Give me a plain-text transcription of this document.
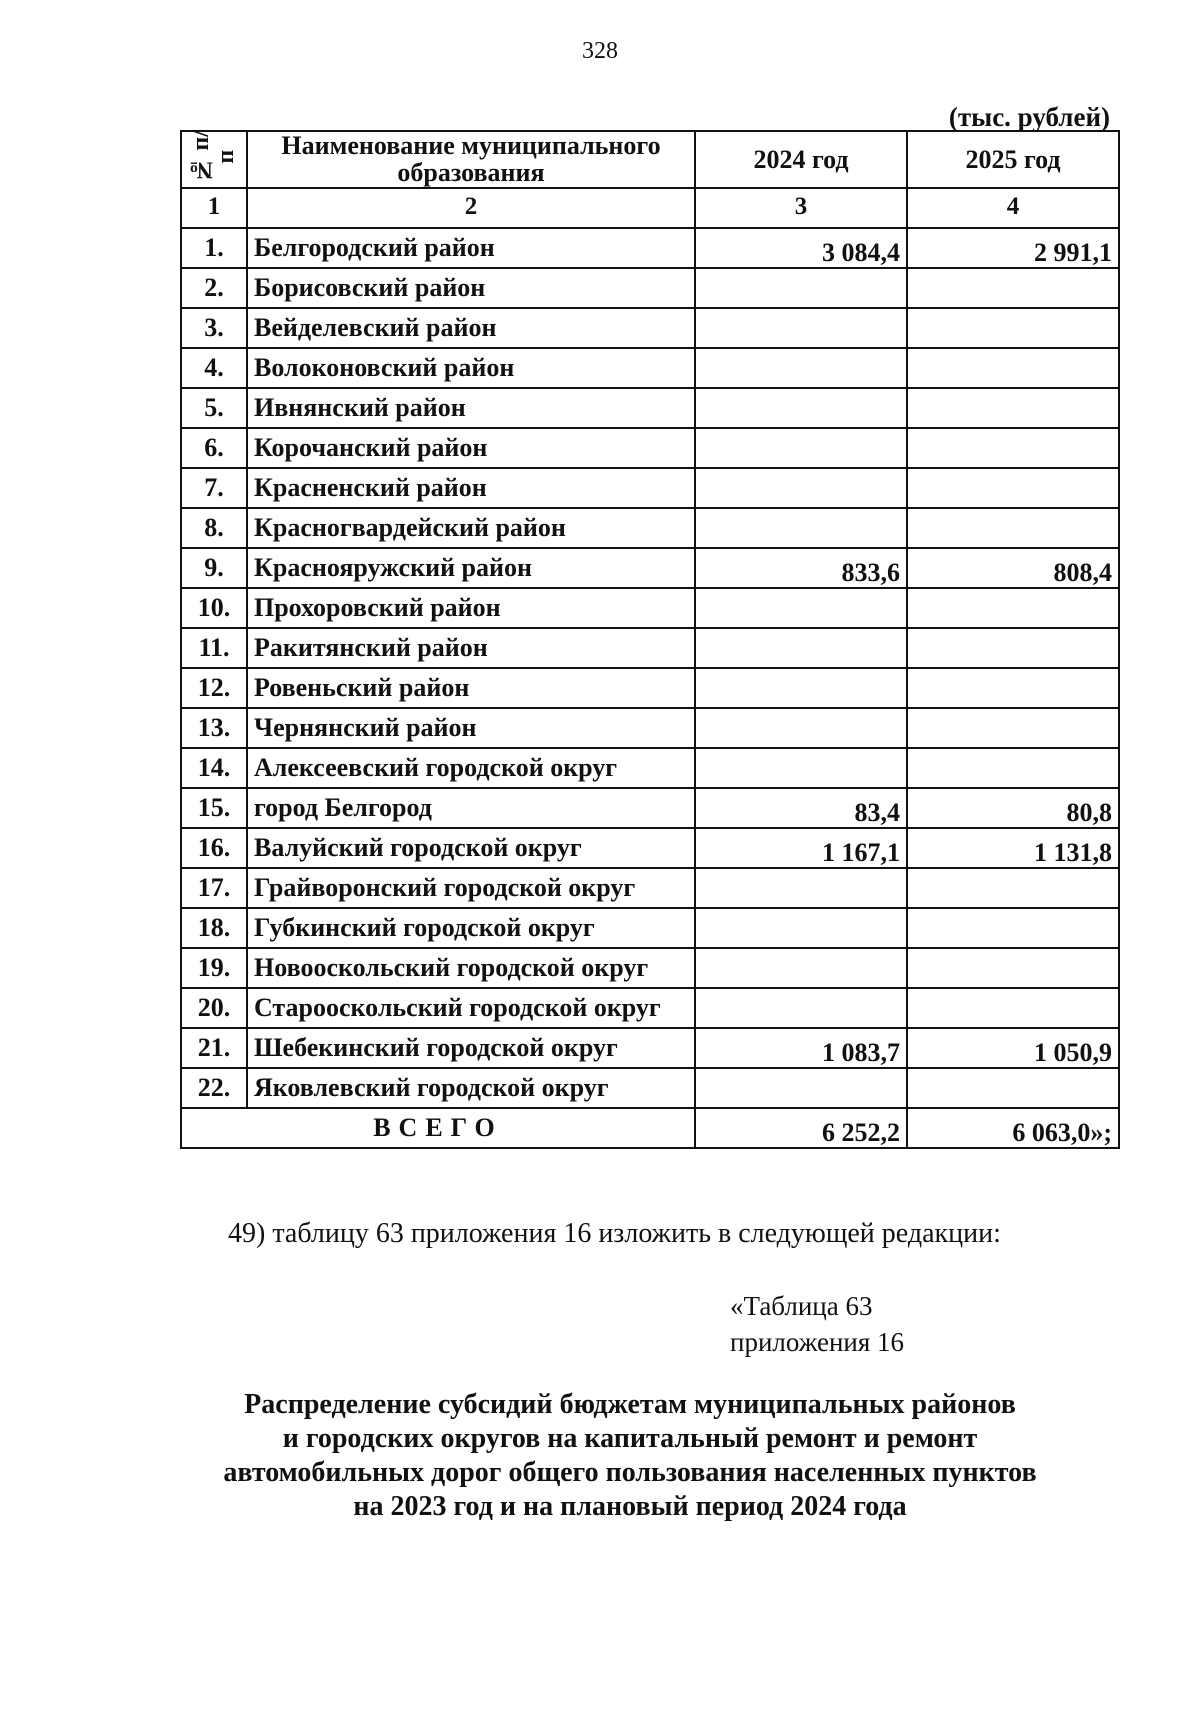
328
(тыс. рублей)
№ п/п	Наименование муниципального образования	2024 год	2025 год
1	2	3	4
1.	Белгородский район	3 084,4	2 991,1
2.	Борисовский район		
3.	Вейделевский район		
4.	Волоконовский район		
5.	Ивнянский район		
6.	Корочанский район		
7.	Красненский район		
8.	Красногвардейский район		
9.	Краснояружский район	833,6	808,4
10.	Прохоровский район		
11.	Ракитянский район		
12.	Ровеньский район		
13.	Чернянский район		
14.	Алексеевский городской округ		
15.	город Белгород	83,4	80,8
16.	Валуйский городской округ	1 167,1	1 131,8
17.	Грайворонский городской округ		
18.	Губкинский городской округ		
19.	Новооскольский городской округ		
20.	Старооскольский городской округ		
21.	Шебекинский городской округ	1 083,7	1 050,9
22.	Яковлевский городской округ		
ВСЕГО		6 252,2	6 063,0»;
49) таблицу 63 приложения 16 изложить в следующей редакции:
«Таблица 63
приложения 16
Распределение субсидий бюджетам муниципальных районов
и городских округов на капитальный ремонт и ремонт
автомобильных дорог общего пользования населенных пунктов
на 2023 год и на плановый период 2024 года
